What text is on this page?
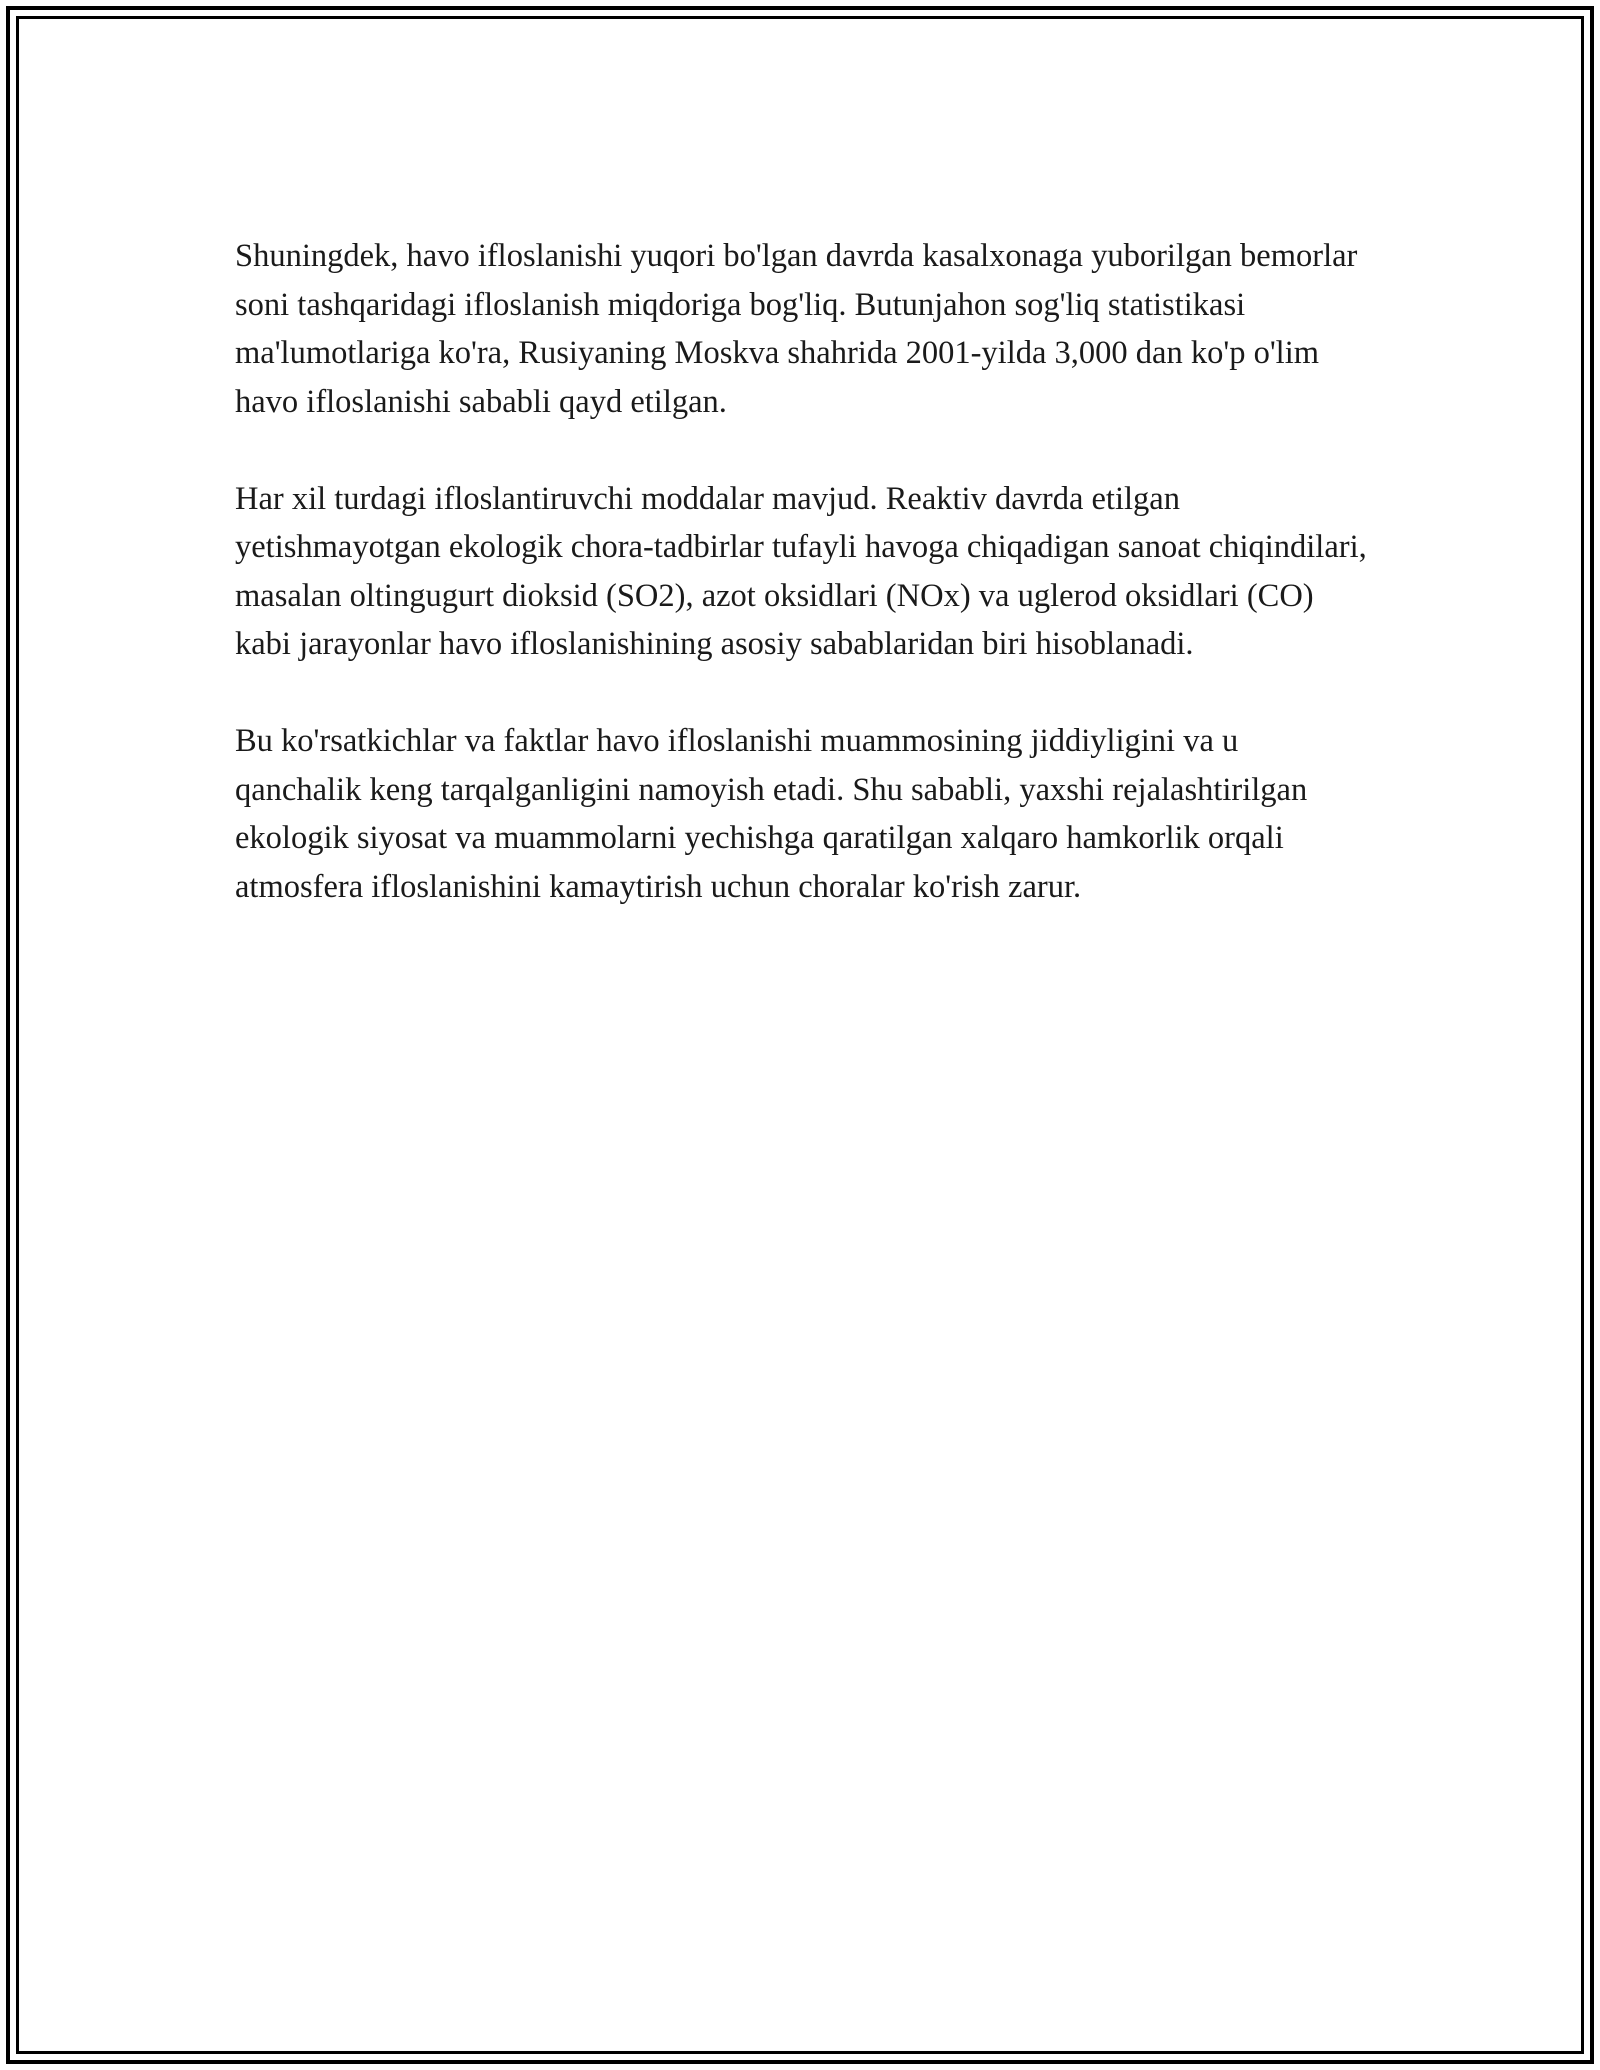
Shuningdek, havo ifloslanishi yuqori bo'lgan davrda kasalxonaga yuborilgan bemorlar soni tashqaridagi ifloslanish miqdoriga bog'liq. Butunjahon sog'liq statistikasi ma'lumotlariga ko'ra, Rusiyaning Moskva shahrida 2001-yilda 3,000 dan ko'p o'lim havo ifloslanishi sababli qayd etilgan.

Har xil turdagi ifloslantiruvchi moddalar mavjud. Reaktiv davrda etilgan yetishmayotgan ekologik chora-tadbirlar tufayli havoga chiqadigan sanoat chiqindilari, masalan oltingugurt dioksid (SO2), azot oksidlari (NOx) va uglerod oksidlari (CO) kabi jarayonlar havo ifloslanishining asosiy sabablaridan biri hisoblanadi.

Bu ko'rsatkichlar va faktlar havo ifloslanishi muammosining jiddiyligini va u qanchalik keng tarqalganligini namoyish etadi. Shu sababli, yaxshi rejalashtirilgan ekologik siyosat va muammolarni yechishga qaratilgan xalqaro hamkorlik orqali atmosfera ifloslanishini kamaytirish uchun choralar ko'rish zarur.
